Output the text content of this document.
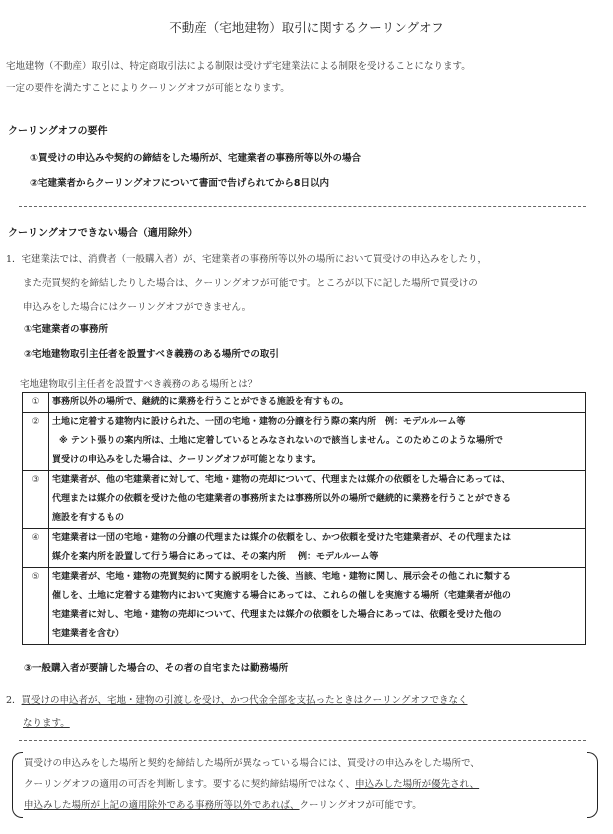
不動産（宅地建物）取引に関するクーリングオフ
宅地建物（不動産）取引は、特定商取引法による制限は受けず宅建業法による制限を受けることになります。
一定の要件を満たすことによりクーリングオフが可能となります。
クーリングオフの要件
①買受けの申込みや契約の締結をした場所が、宅建業者の事務所等以外の場合
②宅建業者からクーリングオフについて書面で告げられてから8日以内
クーリングオフできない場合（適用除外）
1．宅建業法では、消費者（一般購入者）が、宅建業者の事務所等以外の場所において買受けの申込みをしたり，
また売買契約を締結したりした場合は、クーリングオフが可能です。ところが以下に記した場所で買受けの
申込みをした場合にはクーリングオフができません。
①宅建業者の事務所
②宅地建物取引主任者を設置すべき義務のある場所での取引
宅地建物取引主任者を設置すべき義務のある場所とは？
①	事務所以外の場所で、継続的に業務を行うことができる施設を有すもの。

②	土地に定着する建物内に設けられた、一団の宅地・建物の分譲を行う際の案内所　例：モデルルーム等
※ テント張りの案内所は、土地に定着しているとみなされないので該当しません。このためこのような場所で
買受けの申込みをした場合は、クーリングオフが可能となります。

③	宅建業者が、他の宅建業者に対して、宅地・建物の売却について、代理または媒介の依頼をした場合にあっては、
代理または媒介の依頼を受けた他の宅建業者の事務所または事務所以外の場所で継続的に業務を行うことができる
施設を有するもの

④	宅建業者は一団の宅地・建物の分譲の代理または媒介の依頼をし、かつ依頼を受けた宅建業者が、その代理または
媒介を案内所を設置して行う場合にあっては、その案内所　 例：モデルルーム等

⑤	宅建業者が、宅地・建物の売買契約に関する説明をした後、当該、宅地・建物に関し、展示会その他これに類する
催しを、土地に定着する建物内において実施する場合にあっては、これらの催しを実施する場所（宅建業者が他の
宅建業者に対し、宅地・建物の売却について、代理または媒介の依頼をした場合にあっては、依頼を受けた他の
宅建業者を含む）
③一般購入者が要請した場合の、その者の自宅または勤務場所
2．買受けの申込者が、宅地・建物の引渡しを受け、かつ代金全部を支払ったときはクーリングオフできなく
なります。
買受けの申込みをした場所と契約を締結した場所が異なっている場合には、買受けの申込みをした場所で、
クーリングオフの適用の可否を判断します。要するに契約締結場所ではなく、申込みした場所が優先され、
申込みした場所が上記の適用除外である事務所等以外であれば、クーリングオフが可能です。
